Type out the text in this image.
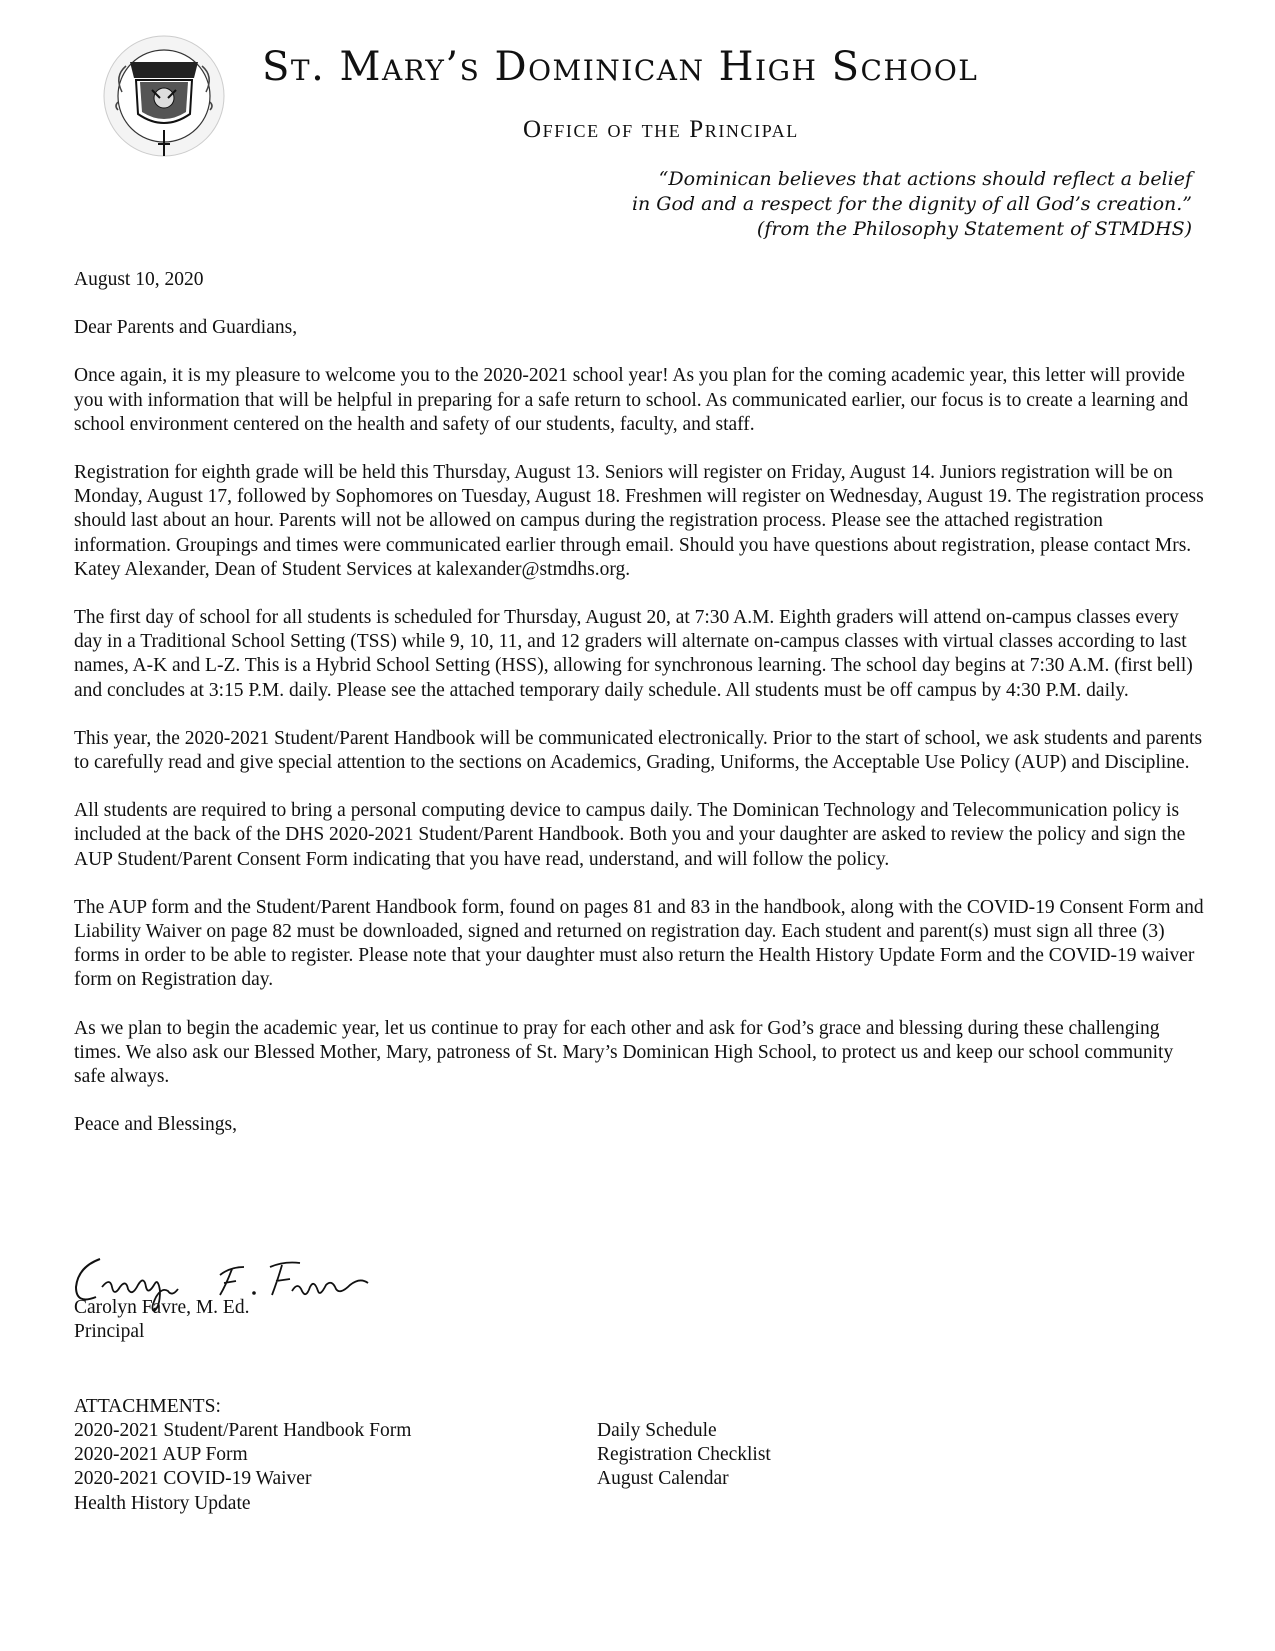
St. Mary’s Dominican High School
Office of the Principal
“Dominican believes that actions should reflect a belief
in God and a respect for the dignity of all God’s creation.”
(from the Philosophy Statement of STMDHS)

August 10, 2020

Dear Parents and Guardians,

Once again, it is my pleasure to welcome you to the 2020-2021 school year! As you plan for the coming academic year, this letter will provide you with information that will be helpful in preparing for a safe return to school. As communicated earlier, our focus is to create a learning and school environment centered on the health and safety of our students, faculty, and staff.

Registration for eighth grade will be held this Thursday, August 13. Seniors will register on Friday, August 14. Juniors registration will be on Monday, August 17, followed by Sophomores on Tuesday, August 18. Freshmen will register on Wednesday, August 19. The registration process should last about an hour. Parents will not be allowed on campus during the registration process. Please see the attached registration information. Groupings and times were communicated earlier through email. Should you have questions about registration, please contact Mrs. Katey Alexander, Dean of Student Services at kalexander@stmdhs.org.

The first day of school for all students is scheduled for Thursday, August 20, at 7:30 A.M. Eighth graders will attend on-campus classes every day in a Traditional School Setting (TSS) while 9, 10, 11, and 12 graders will alternate on-campus classes with virtual classes according to last names, A-K and L-Z. This is a Hybrid School Setting (HSS), allowing for synchronous learning. The school day begins at 7:30 A.M. (first bell) and concludes at 3:15 P.M. daily. Please see the attached temporary daily schedule. All students must be off campus by 4:30 P.M. daily.

This year, the 2020-2021 Student/Parent Handbook will be communicated electronically. Prior to the start of school, we ask students and parents to carefully read and give special attention to the sections on Academics, Grading, Uniforms, the Acceptable Use Policy (AUP) and Discipline.

All students are required to bring a personal computing device to campus daily. The Dominican Technology and Telecommunication policy is included at the back of the DHS 2020-2021 Student/Parent Handbook. Both you and your daughter are asked to review the policy and sign the AUP Student/Parent Consent Form indicating that you have read, understand, and will follow the policy.

The AUP form and the Student/Parent Handbook form, found on pages 81 and 83 in the handbook, along with the COVID-19 Consent Form and Liability Waiver on page 82 must be downloaded, signed and returned on registration day. Each student and parent(s) must sign all three (3) forms in order to be able to register. Please note that your daughter must also return the Health History Update Form and the COVID-19 waiver form on Registration day.

As we plan to begin the academic year, let us continue to pray for each other and ask for God’s grace and blessing during these challenging times. We also ask our Blessed Mother, Mary, patroness of St. Mary’s Dominican High School, to protect us and keep our school community safe always.

Peace and Blessings,

Carolyn Favre, M. Ed.
Principal
ATTACHMENTS:
2020-2021 Student/Parent Handbook Form
2020-2021 AUP Form
2020-2021 COVID-19 Waiver
Health History Update
Daily Schedule
Registration Checklist
August Calendar
